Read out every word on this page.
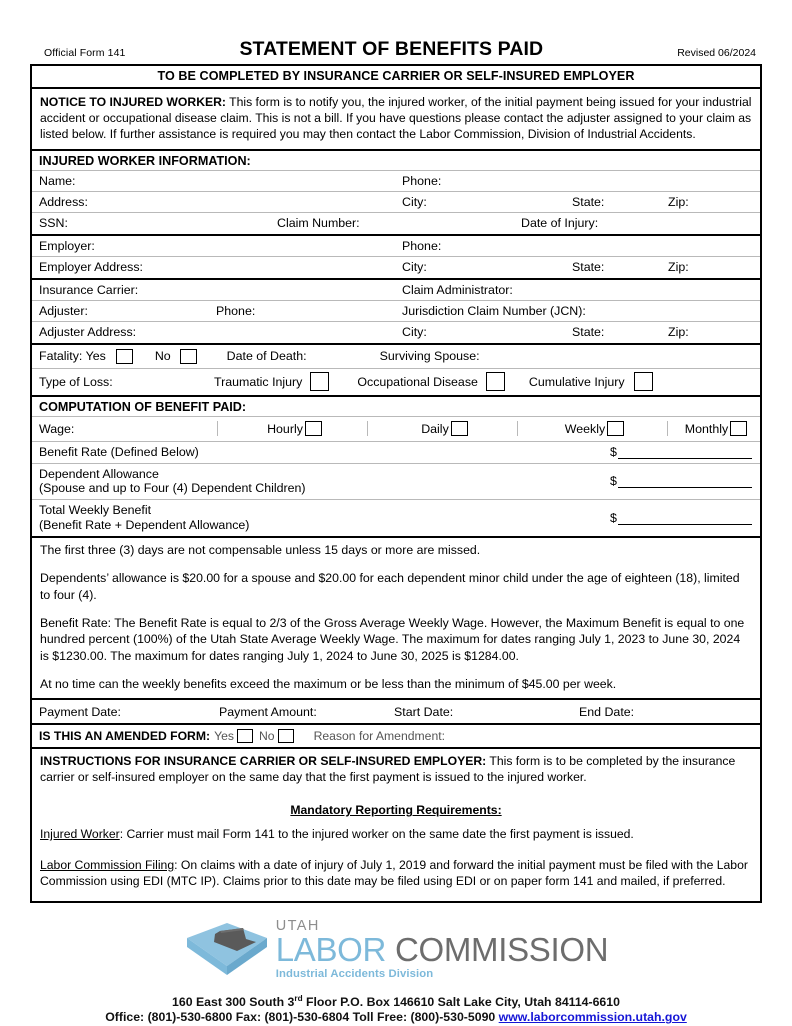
Official Form 141	STATEMENT OF BENEFITS PAID	Revised 06/2024
TO BE COMPLETED BY INSURANCE CARRIER OR SELF-INSURED EMPLOYER
NOTICE TO INJURED WORKER: This form is to notify you, the injured worker, of the initial payment being issued for your industrial accident or occupational disease claim. This is not a bill. If you have questions please contact the adjuster assigned to your claim as listed below. If further assistance is required you may then contact the Labor Commission, Division of Industrial Accidents.
INJURED WORKER INFORMATION:
Name:	Phone:
Address:	City:	State:	Zip:
SSN:	Claim Number:	Date of Injury:
Employer:	Phone:
Employer Address:	City:	State:	Zip:
Insurance Carrier:	Claim Administrator:
Adjuster:	Phone:	Jurisdiction Claim Number (JCN):
Adjuster Address:	City:	State:	Zip:
Fatality: Yes	No	Date of Death:	Surviving Spouse:
Type of Loss:	Traumatic Injury	Occupational Disease	Cumulative Injury
COMPUTATION OF BENEFIT PAID:
Wage:	Hourly	Daily	Weekly	Monthly
Benefit Rate (Defined Below)	$
Dependent Allowance
(Spouse and up to Four (4) Dependent Children)	$
Total Weekly Benefit
(Benefit Rate + Dependent Allowance)	$
The first three (3) days are not compensable unless 15 days or more are missed.
Dependents’ allowance is $20.00 for a spouse and $20.00 for each dependent minor child under the age of eighteen (18), limited to four (4).
Benefit Rate: The Benefit Rate is equal to 2/3 of the Gross Average Weekly Wage. However, the Maximum Benefit is equal to one hundred percent (100%) of the Utah State Average Weekly Wage. The maximum for dates ranging July 1, 2023 to June 30, 2024 is $1230.00. The maximum for dates ranging July 1, 2024 to June 30, 2025 is $1284.00.
At no time can the weekly benefits exceed the maximum or be less than the minimum of $45.00 per week.
Payment Date:	Payment Amount:	Start Date:	End Date:
IS THIS AN AMENDED FORM: Yes No	Reason for Amendment:
INSTRUCTIONS FOR INSURANCE CARRIER OR SELF-INSURED EMPLOYER: This form is to be completed by the insurance carrier or self-insured employer on the same day that the first payment is issued to the injured worker.
Mandatory Reporting Requirements:
Injured Worker: Carrier must mail Form 141 to the injured worker on the same date the first payment is issued.
Labor Commission Filing: On claims with a date of injury of July 1, 2019 and forward the initial payment must be filed with the Labor Commission using EDI (MTC IP). Claims prior to this date may be filed using EDI or on paper form 141 and mailed, if preferred.
UTAH
LABOR COMMISSION
Industrial Accidents Division
160 East 300 South 3rd Floor P.O. Box 146610 Salt Lake City, Utah 84114-6610
Office: (801)-530-6800 Fax: (801)-530-6804 Toll Free: (800)-530-5090 www.laborcommission.utah.gov
